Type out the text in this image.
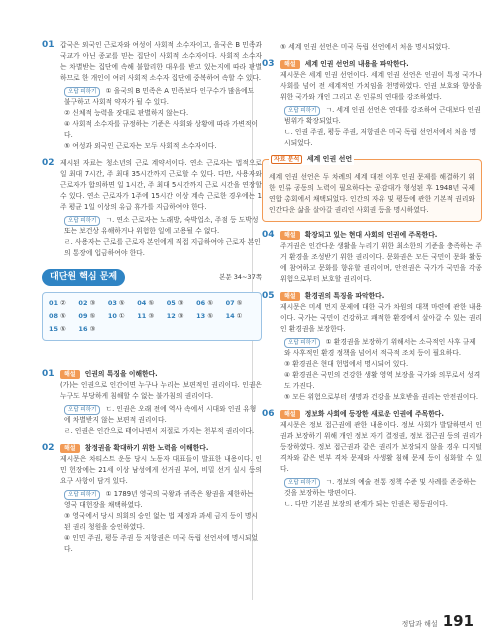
01 갑국은 외국인 근로자와 여성이 사회적 소수자이고, 을국은 B 민족과 국교가 아닌 종교를 믿는 집단이 사회적 소수자이다. 사회적 소수자는 차별받는 집단에 속해 불합리한 대우를 받고 있는지에 따라 판별하므로 한 개인이 여러 사회적 소수자 집단에 중복하여 속할 수 있다.
오답 피하기 ① 을국의 B 민족은 A 민족보다 인구수가 많음에도 불구하고 사회적 약자가 될 수 있다.

② 신체적 능력을 잣대로 판별하지 않는다.

④ 사회적 소수자를 규정하는 기준은 사회와 상황에 따라 가변적이다.

⑤ 여성과 외국인 근로자는 모두 사회적 소수자이다.

02 제시된 자료는 청소년의 근로 계약서이다. 연소 근로자는 법적으로 일 최대 7시간, 주 최대 35시간까지 근로할 수 있다. 다만, 사용자와 근로자가 합의하면 일 1시간, 주 최대 5시간까지 근로 시간을 연장할 수 있다. 연소 근로자가 1주에 15시간 이상 계속 근로한 경우에는 1주 평균 1일 이상의 유급 휴가를 지급하여야 한다.
오답 피하기 ㄱ. 연소 근로자는 노래방, 숙박업소, 주점 등 도박성 또는 보건상 유해하거나 위험한 일에 고용될 수 없다.

ㄹ. 사용자는 근로를 근로자 본인에게 직접 지급하여야 근로자 본인의 통장에 입금하여야 한다.

대단원 핵심 문제	본문 34~37쪽
01 ②	02 ③	03 ⑤	04 ⑤	05 ③	06 ⑤	07 ⑤
08 ⑤	09 ⑤	10 ①	11 ③	12 ③	13 ⑤	14 ①
15 ⑤	16 ③
01	해설 인권의 특징을 이해한다.
(가)는 인권으로 인간이면 누구나 누리는 보편적인 권리이다. 인권은 누구도 부당하게 침해할 수 없는 불가침의 권리이다.
오답 피하기 ㄷ. 인권은 오래 전에 역사 속에서 시대와 인권 유형에 차별받지 않는 보편적 권리이다.

ㄹ. 인권은 인간으로 태어나면서 저절로 가지는 천부적 권리이다.

02	해설 참정권을 확대하기 위한 노력을 이해한다.
제시문은 차티스트 운동 당시 노동자 대표들이 발표한 내용이다. 인민 헌장에는 21세 이상 남성에게 선거권 부여, 비밀 선거 실시 등의 요구 사항이 담겨 있다.
오답 피하기 ① 1789년 영국의 국왕과 귀족은 왕권을 제한하는 영국 대헌장을 채택하였다.

③ 영국에서 당시 의회의 승인 없는 법 제정과 과세 금지 등이 명시된 권리 청원을 승인하였다.

④ 인민 주권, 평등 주권 등 저항권은 미국 독립 선언서에 명시되었다.

⑤ 세계 인권 선언은 미국 독립 선언에서 처음 명시되었다.
03	해설 세계 인권 선언의 내용을 파악한다.
제시문은 세계 인권 선언이다. 세계 인권 선언은 인권이 특정 국가나 사회를 넘어 전 세계적인 가치임을 천명하였다. 인권 보호와 향상을 위한 국가와 개인 그리고 온 인류의 연대를 강조하였다.
오답 피하기 ㄱ. 세계 인권 선언은 연대를 강조하여 근대보다 인권 범위가 확장되었다.

ㄴ. 인권 주권, 평등 주권, 저항권은 미국 독립 선언서에서 처음 명시되었다.

자료 분석 세계 인권 선언
세계 인권 선언은 두 차례의 세계 대전 이후 인권 문제를 해결하기 위한 인류 공동의 노력이 필요하다는 공감대가 형성된 후 1948년 국제 연합 총회에서 채택되었다. 인간의 자유 및 평등에 관한 기본적 권리와 인간다운 삶을 살아갈 권리인 사회권 등을 명시하였다.
04	해설 확장되고 있는 현대 사회의 인권에 주목한다.
주거권은 인간다운 생활을 누리기 위한 최소한의 기준을 충족하는 주거 환경을 조성받기 위한 권리이다. 문화권은 모든 국민이 문화 활동에 참여하고 문화를 향유할 권리이며, 안전권은 국가가 국민을 각종 위험으로부터 보호할 권리이다.
05	해설 환경권의 특징을 파악한다.
제시문은 미세 먼지 문제에 대한 국가 차원의 대책 마련에 관한 내용이다. 국가는 국민이 건강하고 쾌적한 환경에서 살아갈 수 있는 권리인 환경권을 보장한다.
오답 피하기 ① 환경권을 보장하기 위해서는 소극적인 사후 규제와 사후적인 환경 정책을 넘어서 적극적 조치 등이 필요하다.

③ 환경권은 현대 헌법에서 명시되어 있다.

④ 환경권은 국민의 건강한 생활 영역 보장을 국가와 의무로서 성격도 가진다.

⑤ 모든 위험으로부터 생명과 건강을 보호받을 권리는 안전권이다.

06	해설 정보화 사회에 등장한 새로운 인권에 주목한다.
제시문은 정보 접근권에 관한 내용이다. 정보 사회가 발달하면서 인권과 보장하기 위해 개인 정보 자기 결정권, 정보 접근권 등의 권리가 등장하였다. 정보 접근권과 같은 권리가 보장되지 않을 경우 디지털 격차와 같은 빈부 격차 문제와 사생활 침해 문제 등이 심화할 수 있다.
오답 피하기 ㄱ. 정보의 예술 전통 정책 수준 및 사례를 존중하는 것을 보장하는 방편이다.

ㄴ. 다만 기본권 보장의 관계가 되는 인권은 평등권이다.

정답과 해설 191
